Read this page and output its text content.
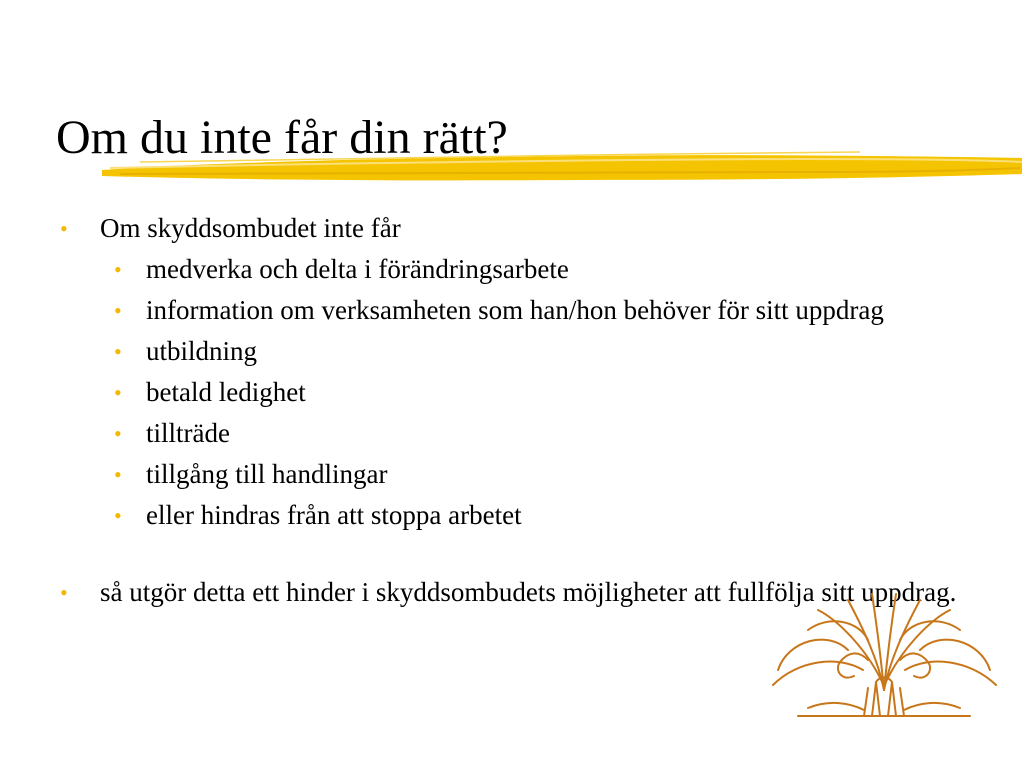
Om du inte får din rätt?
• Om skyddsombudet inte får
• medverka och delta i förändringsarbete
• information om verksamheten som han/hon behöver för sitt uppdrag
• utbildning
• betald ledighet
• tillträde
• tillgång till handlingar
• eller hindras från att stoppa arbetet
• så utgör detta ett hinder i skyddsombudets möjligheter att fullfölja sitt uppdrag.
